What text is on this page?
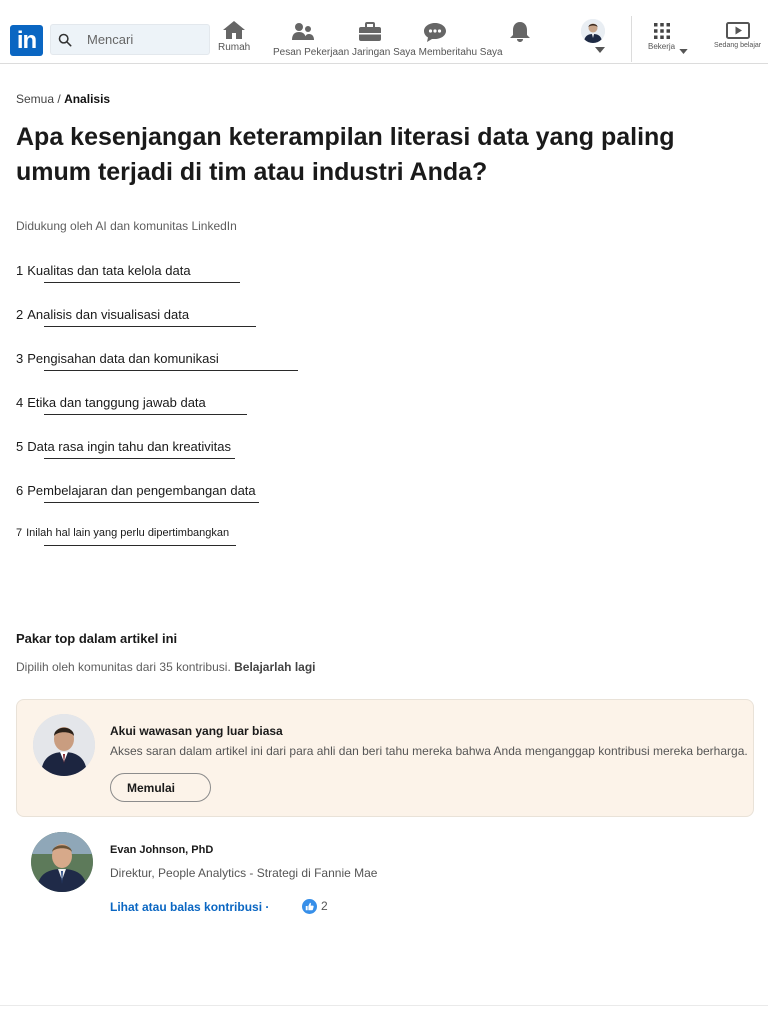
in
Mencari	Rumah Pesan Pekerjaan Jaringan Saya Memberitahu Saya
Bekerja	Sedang belajar
Semua / Analisis
Apa kesenjangan keterampilan literasi data yang paling umum terjadi di tim atau industri Anda?
Didukung oleh AI dan komunitas LinkedIn
1 Kualitas dan tata kelola data
2 Analisis dan visualisasi data
3 Pengisahan data dan komunikasi
4 Etika dan tanggung jawab data
5 Data rasa ingin tahu dan kreativitas
6 Pembelajaran dan pengembangan data
7 Inilah hal lain yang perlu dipertimbangkan
Pakar top dalam artikel ini
Dipilih oleh komunitas dari 35 kontribusi. Belajarlah lagi
Akui wawasan yang luar biasa
Akses saran dalam artikel ini dari para ahli dan beri tahu mereka bahwa Anda menganggap kontribusi mereka berharga.
Memulai
Evan Johnson, PhD
Direktur, People Analytics - Strategi di Fannie Mae
Lihat atau balas kontribusi ·	2
